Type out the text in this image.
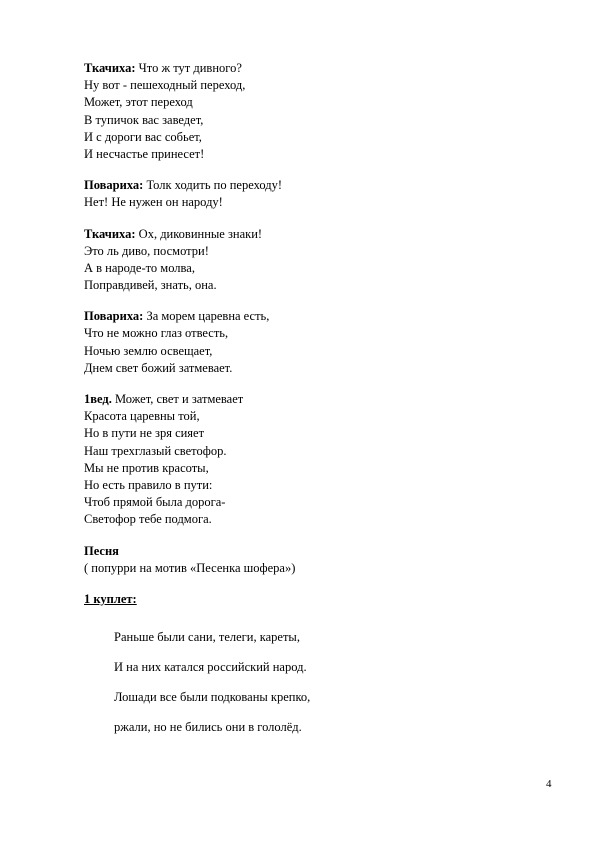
Ткачиха: Что ж тут дивного?
Ну вот - пешеходный переход,
Может, этот переход
В тупичок вас заведет,
И с дороги вас собьет,
И несчастье принесет!
Повариха: Толк ходить по переходу!
Нет! Не нужен он народу!
Ткачиха: Ох, диковинные знаки!
Это ль диво, посмотри!
А в народе-то молва,
Поправдивей, знать, она.
Повариха: За морем царевна есть,
Что не можно глаз отвесть,
Ночью землю освещает,
Днем свет божий затмевает.
1вед. Может, свет и затмевает
Красота царевны той,
Но в пути не зря сияет
Наш трехглазый светофор.
Мы не против красоты,
Но есть правило в пути:
Чтоб прямой была дорога-
Светофор тебе подмога.
Песня
( попурри на мотив «Песенка шофера»)
1 куплет:
Раньше были сани, телеги, кареты,
И на них катался российский народ.
Лошади все были подкованы крепко,
ржали, но не бились они в гололёд.
4
